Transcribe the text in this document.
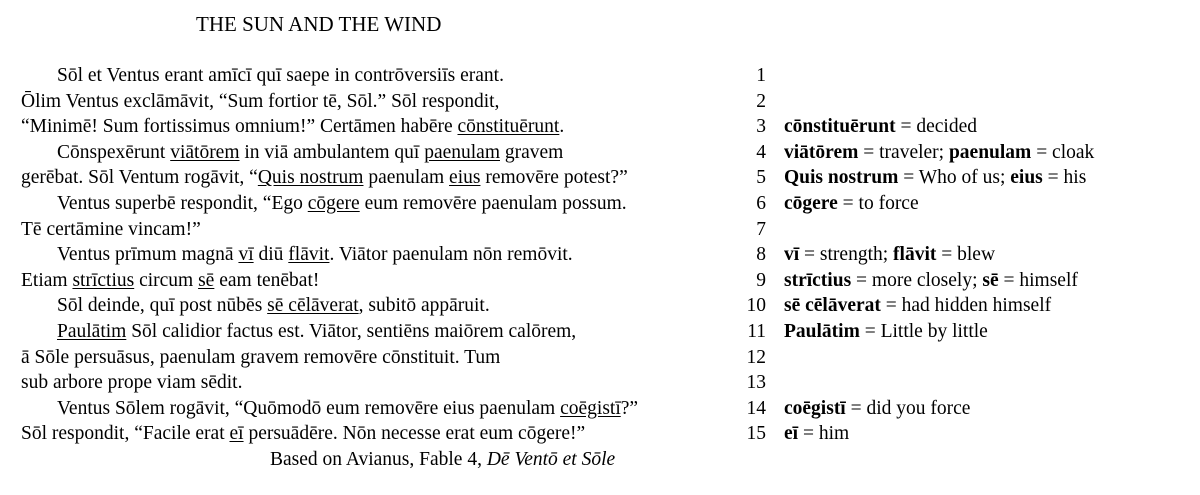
THE SUN AND THE WIND
Sōl et Ventus erant amīcī quī saepe in contrōversiīs erant.	1
Ōlim Ventus exclāmāvit, “Sum fortior tē, Sōl.” Sōl respondit,	2
“Minimē! Sum fortissimus omnium!” Certāmen habēre cōnstituērunt.	3 cōnstituērunt = decided
Cōnspexērunt viātōrem in viā ambulantem quī paenulam gravem	4 viātōrem = traveler; paenulam = cloak
gerēbat. Sōl Ventum rogāvit, “Quis nostrum paenulam eius removēre potest?”	5 Quis nostrum = Who of us; eius = his
Ventus superbē respondit, “Ego cōgere eum removēre paenulam possum.	6 cōgere = to force
Tē certāmine vincam!”	7
Ventus prīmum magnā vī diū flāvit. Viātor paenulam nōn remōvit.	8 vī = strength; flāvit = blew
Etiam strīctius circum sē eam tenēbat!	9 strīctius = more closely; sē = himself
Sōl deinde, quī post nūbēs sē cēlāverat, subitō appāruit.	10 sē cēlāverat = had hidden himself
Paulātim Sōl calidior factus est. Viātor, sentiēns maiōrem calōrem,	11 Paulātim = Little by little
ā Sōle persuāsus, paenulam gravem removēre cōnstituit. Tum	12
sub arbore prope viam sēdit.	13
Ventus Sōlem rogāvit, “Quōmodō eum removēre eius paenulam coēgistī?”	14 coēgistī = did you force
Sōl respondit, “Facile erat eī persuādēre. Nōn necesse erat eum cōgere!”	15 eī = him
Based on Avianus, Fable 4, Dē Ventō et Sōle
